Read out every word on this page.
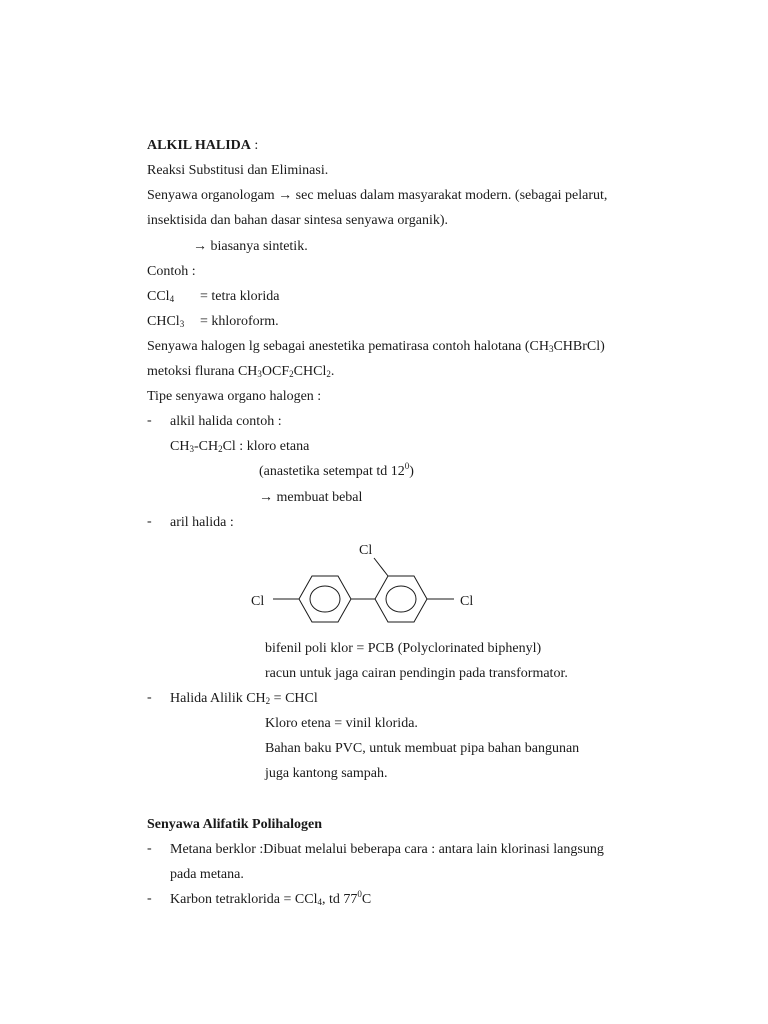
ALKIL HALIDA :
Reaksi Substitusi dan Eliminasi.
Senyawa organologam → sec meluas dalam masyarakat modern. (sebagai pelarut,
insektisida dan bahan dasar sintesa senyawa organik).
→ biasanya sintetik.
Contoh :
CCl$_4$ = tetra klorida
CHCl$_3$ = khloroform.
Senyawa halogen lg sebagai anestetika pematirasa contoh halotana $(CH_3CHBrCl)$
metoksi flurana $CH_3OCF_2CHCl_2$.
Tipe senyawa organo halogen :
- alkil halida contoh :
$CH_3-CH_2Cl$ : kloro etana
(anastetika setempat td $12^0$)
→ membuat bebal
- aril halida :
Cl
Cl	Cl
bifenil poli klor = PCB (Polyclorinated biphenyl)
racun untuk jaga cairan pendingin pada transformator.
- Halida Alilik $CH_2$ = CHCl
Kloro etena = vinil klorida.
Bahan baku PVC, untuk membuat pipa bahan bangunan
juga kantong sampah.
Senyawa Alifatik Polihalogen
- Metana berklor :Dibuat melalui beberapa cara : antara lain klorinasi langsung
pada metana.
- Karbon tetraklorida = CCl$_4$, td $77^0C$
